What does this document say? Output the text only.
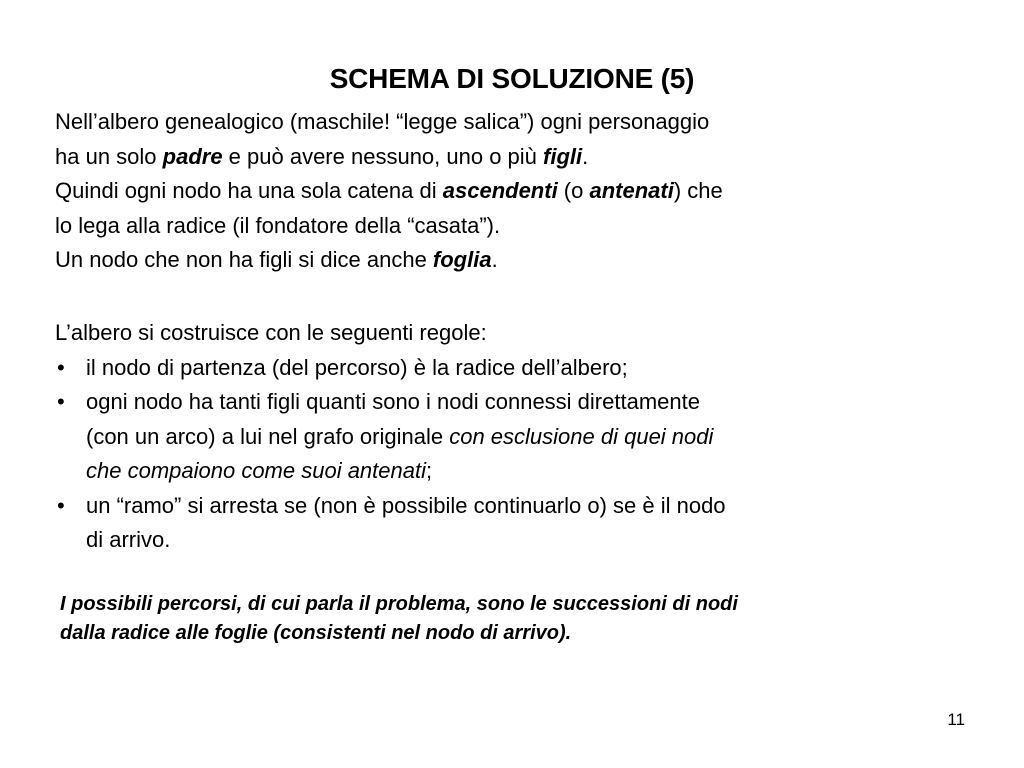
SCHEMA DI SOLUZIONE (5)

Nell’albero genealogico (maschile! “legge salica”) ogni personaggio
ha un solo padre e può avere nessuno, uno o più figli.
Quindi ogni nodo ha una sola catena di ascendenti (o antenati) che
lo lega alla radice (il fondatore della “casata”).
Un nodo che non ha figli si dice anche foglia.

L’albero si costruisce con le seguenti regole:
• il nodo di partenza (del percorso) è la radice dell’albero;
• ogni nodo ha tanti figli quanti sono i nodi connessi direttamente
(con un arco) a lui nel grafo originale con esclusione di quei nodi
che compaiono come suoi antenati;
• un “ramo” si arresta se (non è possibile continuarlo o) se è il nodo
di arrivo.

I possibili percorsi, di cui parla il problema, sono le successioni di nodi
dalla radice alle foglie (consistenti nel nodo di arrivo).

11
